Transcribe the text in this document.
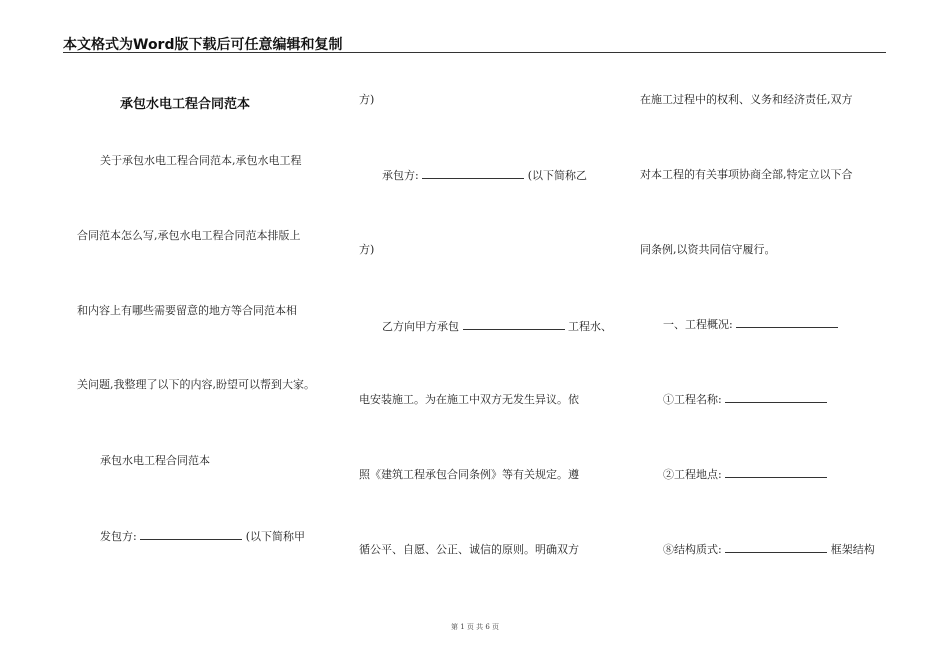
本文格式为Word版下载后可任意编辑和复制
承包水电工程合同范本
关于承包水电工程合同范本,承包水电工程
合同范本怎么写,承包水电工程合同范本排版上
和内容上有哪些需要留意的地方等合同范本相
关问题,我整理了以下的内容,盼望可以帮到大家。
承包水电工程合同范本
发包方:	(以下简称甲
方)
承包方:	(以下简称乙
方)
乙方向甲方承包	工程水、
电安装施工。为在施工中双方无发生异议。依
照《建筑工程承包合同条例》等有关规定。遵
循公平、自愿、公正、诚信的原则。明确双方
在施工过程中的权利、义务和经济责任,双方
对本工程的有关事项协商全部,特定立以下合
同条例,以资共同信守履行。
一、工程概况:
①工程名称:
②工程地点:
⑧结构质式:	框架结构
第 1 页 共 6 页
